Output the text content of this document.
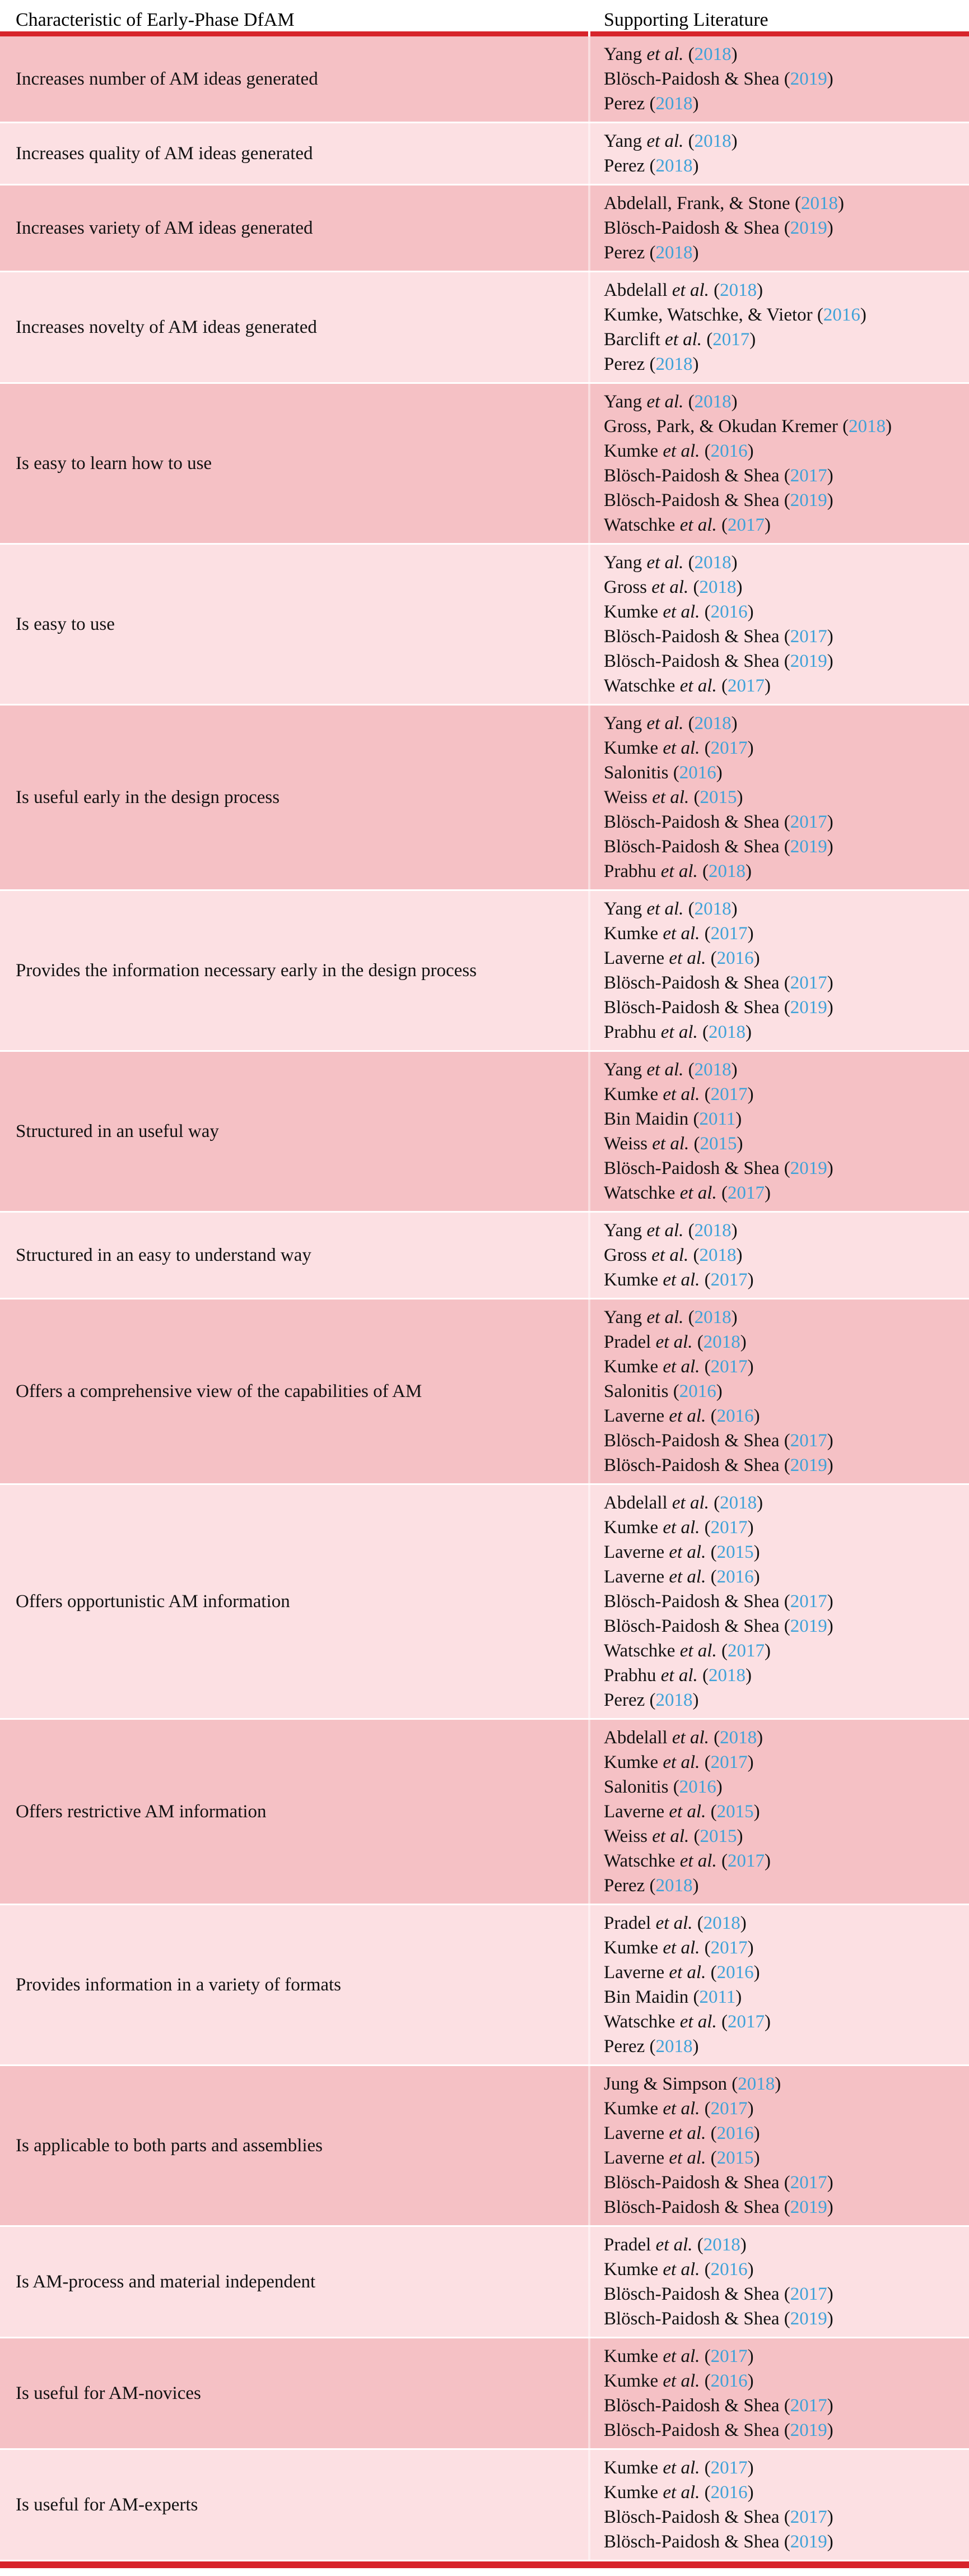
Characteristic of Early-Phase DfAM	Supporting Literature
Increases number of AM ideas generated
Yang et al. (2018)
Blösch-Paidosh & Shea (2019)
Perez (2018)
Increases quality of AM ideas generated
Yang et al. (2018)
Perez (2018)
Increases variety of AM ideas generated
Abdelall, Frank, & Stone (2018)
Blösch-Paidosh & Shea (2019)
Perez (2018)
Increases novelty of AM ideas generated
Abdelall et al. (2018)
Kumke, Watschke, & Vietor (2016)
Barclift et al. (2017)
Perez (2018)
Is easy to learn how to use
Yang et al. (2018)
Gross, Park, & Okudan Kremer (2018)
Kumke et al. (2016)
Blösch-Paidosh & Shea (2017)
Blösch-Paidosh & Shea (2019)
Watschke et al. (2017)
Is easy to use
Yang et al. (2018)
Gross et al. (2018)
Kumke et al. (2016)
Blösch-Paidosh & Shea (2017)
Blösch-Paidosh & Shea (2019)
Watschke et al. (2017)
Is useful early in the design process
Yang et al. (2018)
Kumke et al. (2017)
Salonitis (2016)
Weiss et al. (2015)
Blösch-Paidosh & Shea (2017)
Blösch-Paidosh & Shea (2019)
Prabhu et al. (2018)
Provides the information necessary early in the design process
Yang et al. (2018)
Kumke et al. (2017)
Laverne et al. (2016)
Blösch-Paidosh & Shea (2017)
Blösch-Paidosh & Shea (2019)
Prabhu et al. (2018)
Structured in an useful way
Yang et al. (2018)
Kumke et al. (2017)
Bin Maidin (2011)
Weiss et al. (2015)
Blösch-Paidosh & Shea (2019)
Watschke et al. (2017)
Structured in an easy to understand way
Yang et al. (2018)
Gross et al. (2018)
Kumke et al. (2017)
Offers a comprehensive view of the capabilities of AM
Yang et al. (2018)
Pradel et al. (2018)
Kumke et al. (2017)
Salonitis (2016)
Laverne et al. (2016)
Blösch-Paidosh & Shea (2017)
Blösch-Paidosh & Shea (2019)
Offers opportunistic AM information
Abdelall et al. (2018)
Kumke et al. (2017)
Laverne et al. (2015)
Laverne et al. (2016)
Blösch-Paidosh & Shea (2017)
Blösch-Paidosh & Shea (2019)
Watschke et al. (2017)
Prabhu et al. (2018)
Perez (2018)
Offers restrictive AM information
Abdelall et al. (2018)
Kumke et al. (2017)
Salonitis (2016)
Laverne et al. (2015)
Weiss et al. (2015)
Watschke et al. (2017)
Perez (2018)
Provides information in a variety of formats
Pradel et al. (2018)
Kumke et al. (2017)
Laverne et al. (2016)
Bin Maidin (2011)
Watschke et al. (2017)
Perez (2018)
Is applicable to both parts and assemblies
Jung & Simpson (2018)
Kumke et al. (2017)
Laverne et al. (2016)
Laverne et al. (2015)
Blösch-Paidosh & Shea (2017)
Blösch-Paidosh & Shea (2019)
Is AM-process and material independent
Pradel et al. (2018)
Kumke et al. (2016)
Blösch-Paidosh & Shea (2017)
Blösch-Paidosh & Shea (2019)
Is useful for AM-novices
Kumke et al. (2017)
Kumke et al. (2016)
Blösch-Paidosh & Shea (2017)
Blösch-Paidosh & Shea (2019)
Is useful for AM-experts
Kumke et al. (2017)
Kumke et al. (2016)
Blösch-Paidosh & Shea (2017)
Blösch-Paidosh & Shea (2019)
